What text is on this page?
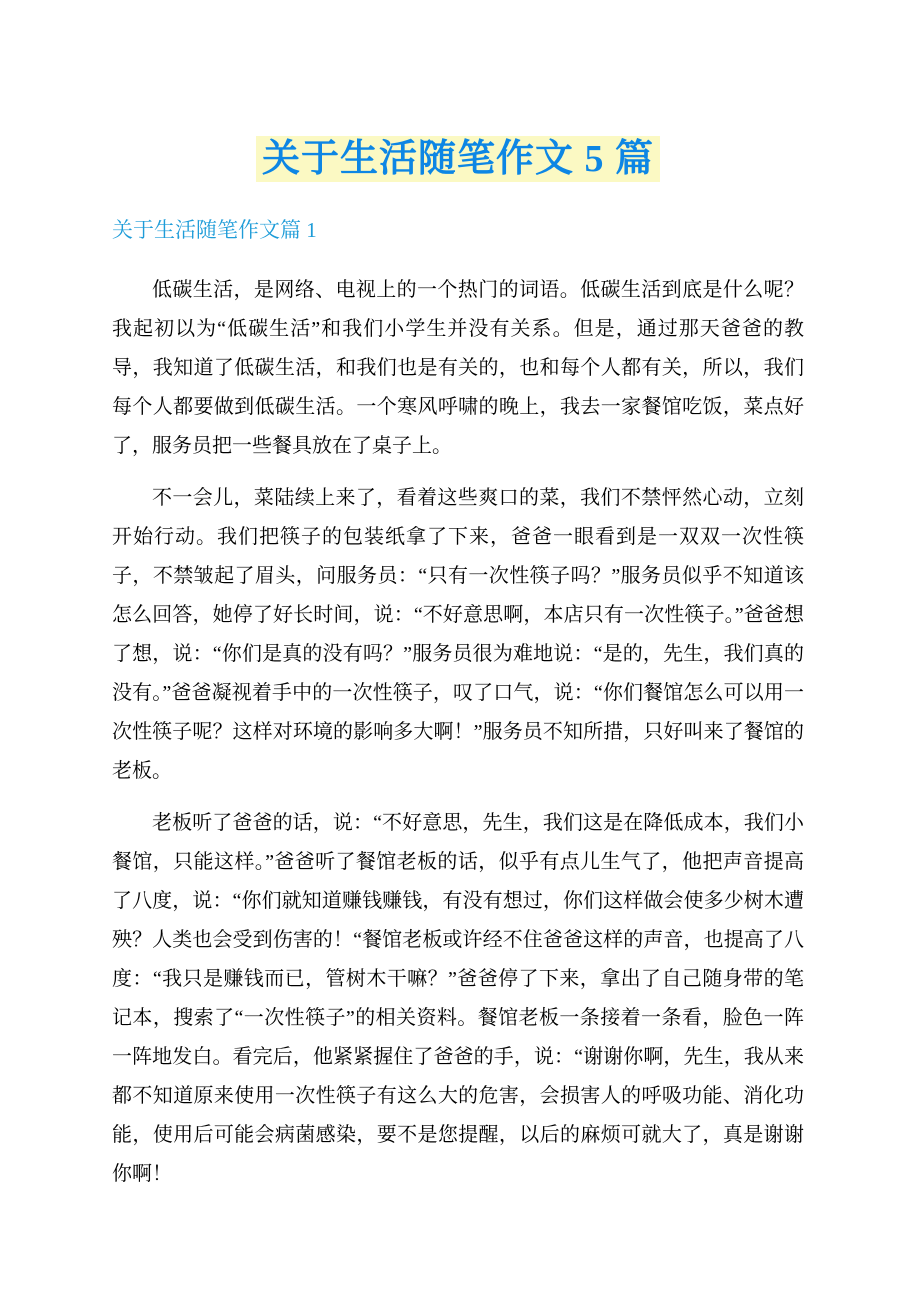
关于生活随笔作文 5 篇
关于生活随笔作文篇 1

低碳生活，是网络、电视上的一个热门的词语。低碳生活到底是什么呢？我起初以为“低碳生活”和我们小学生并没有关系。但是，通过那天爸爸的教导，我知道了低碳生活，和我们也是有关的，也和每个人都有关，所以，我们每个人都要做到低碳生活。一个寒风呼啸的晚上，我去一家餐馆吃饭，菜点好了，服务员把一些餐具放在了桌子上。

不一会儿，菜陆续上来了，看着这些爽口的菜，我们不禁怦然心动，立刻开始行动。我们把筷子的包装纸拿了下来，爸爸一眼看到是一双双一次性筷子，不禁皱起了眉头，问服务员：“只有一次性筷子吗？”服务员似乎不知道该怎么回答，她停了好长时间，说：“不好意思啊，本店只有一次性筷子。”爸爸想了想，说：“你们是真的没有吗？”服务员很为难地说：“是的，先生，我们真的没有。”爸爸凝视着手中的一次性筷子，叹了口气，说：“你们餐馆怎么可以用一次性筷子呢？这样对环境的影响多大啊！”服务员不知所措，只好叫来了餐馆的老板。

老板听了爸爸的话，说：“不好意思，先生，我们这是在降低成本，我们小餐馆，只能这样。”爸爸听了餐馆老板的话，似乎有点儿生气了，他把声音提高了八度，说：“你们就知道赚钱赚钱，有没有想过，你们这样做会使多少树木遭殃？人类也会受到伤害的！“餐馆老板或许经不住爸爸这样的声音，也提高了八度：“我只是赚钱而已，管树木干嘛？”爸爸停了下来，拿出了自己随身带的笔记本，搜索了“一次性筷子”的相关资料。餐馆老板一条接着一条看，脸色一阵一阵地发白。看完后，他紧紧握住了爸爸的手，说：“谢谢你啊，先生，我从来都不知道原来使用一次性筷子有这么大的危害，会损害人的呼吸功能、消化功能，使用后可能会病菌感染，要不是您提醒，以后的麻烦可就大了，真是谢谢你啊！
